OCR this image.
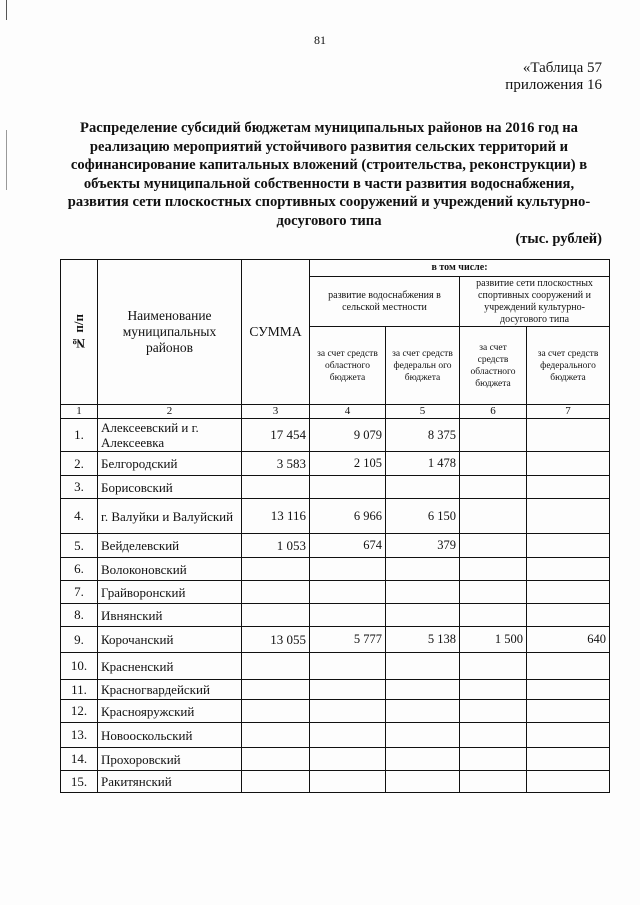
81
«Таблица 57
приложения 16
Распределение субсидий бюджетам муниципальных районов на 2016 год на реализацию мероприятий устойчивого развития сельских территорий и софинансирование капитальных вложений (строительства, реконструкции) в объекты муниципальной собственности в части развития водоснабжения, развития сети плоскостных спортивных сооружений и учреждений культурно-досугового типа
(тыс. рублей)
№ п/п	Наименование муниципальных районов	СУММА	в том числе:			
			развитие водоснабжения в сельской местности		развитие сети плоскостных спортивных сооружений и учреждений культурно-досугового типа	
			за счет средств областного бюджета	за счет средств федеральн ого бюджета	за счет средств областного бюджета	за счет средств федерального бюджета
1	2	3	4	5	6	7
1.	Алексеевский и г. Алексеевка	17 454	9 079	8 375		
2.	Белгородский	3 583	2 105	1 478		
3.	Борисовский					
4.	г. Валуйки и Валуйский	13 116	6 966	6 150		
5.	Вейделевский	1 053	674	379		
6.	Волоконовский					
7.	Грайворонский					
8.	Ивнянский					
9.	Корочанский	13 055	5 777	5 138	1 500	640
10.	Красненский					
11.	Красногвардейский					
12.	Краснояружский					
13.	Новооскольский					
14.	Прохоровский					
15.	Ракитянский					
